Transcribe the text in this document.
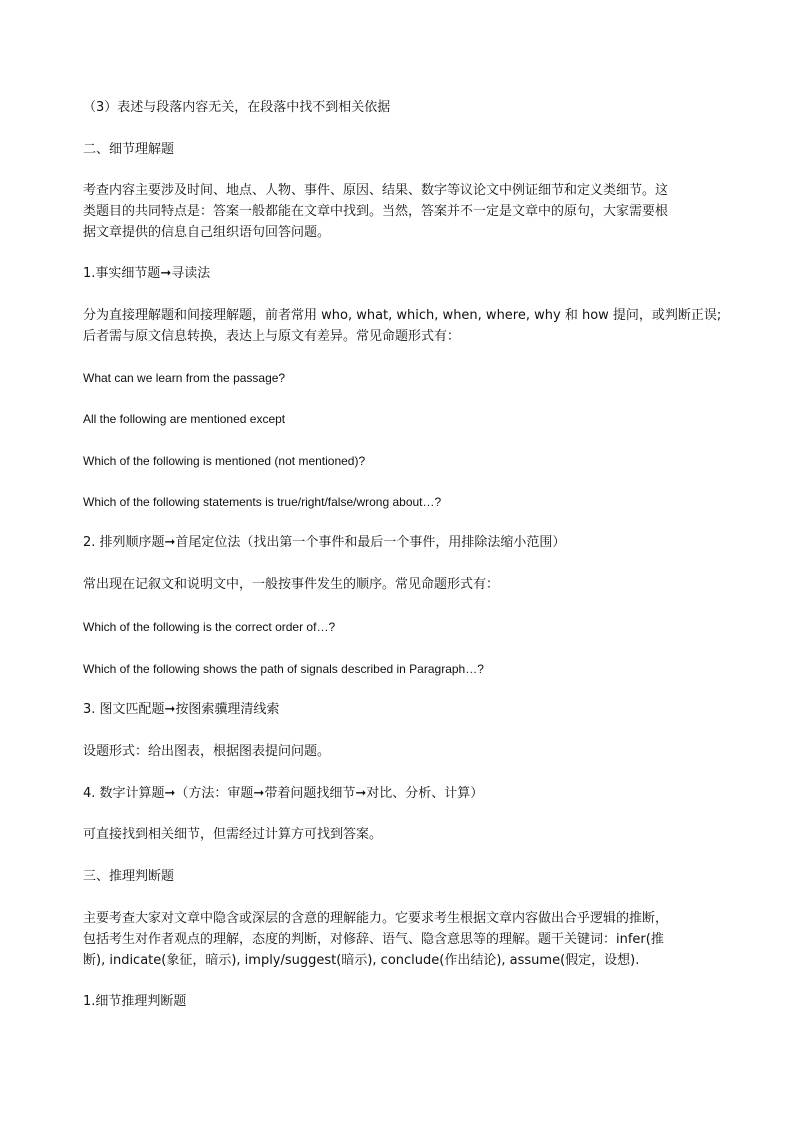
（3）表述与段落内容无关，在段落中找不到相关依据
二、细节理解题
考查内容主要涉及时间、地点、人物、事件、原因、结果、数字等议论文中例证细节和定义类细节。这
类题目的共同特点是：答案一般都能在文章中找到。当然，答案并不一定是文章中的原句，大家需要根
据文章提供的信息自己组织语句回答问题。
1.事实细节题➞寻读法
分为直接理解题和间接理解题，前者常用 who, what, which, when, where, why 和 how 提问，或判断正误;
后者需与原文信息转换，表达上与原文有差异。常见命题形式有：
What can we learn from the passage?
All the following are mentioned except
Which of the following is mentioned (not mentioned)?
Which of the following statements is true/right/false/wrong about…?
2. 排列顺序题➞首尾定位法（找出第一个事件和最后一个事件，用排除法缩小范围）
常出现在记叙文和说明文中，一般按事件发生的顺序。常见命题形式有：
Which of the following is the correct order of…?
Which of the following shows the path of signals described in Paragraph…?
3. 图文匹配题➞按图索骥理清线索
设题形式：给出图表，根据图表提问问题。
4. 数字计算题➞（方法：审题➞带着问题找细节➞对比、分析、计算）
可直接找到相关细节，但需经过计算方可找到答案。
三、推理判断题
主要考查大家对文章中隐含或深层的含意的理解能力。它要求考生根据文章内容做出合乎逻辑的推断，
包括考生对作者观点的理解，态度的判断，对修辞、语气、隐含意思等的理解。题干关键词：infer(推
断), indicate(象征，暗示), imply/suggest(暗示), conclude(作出结论), assume(假定，设想).
1.细节推理判断题
